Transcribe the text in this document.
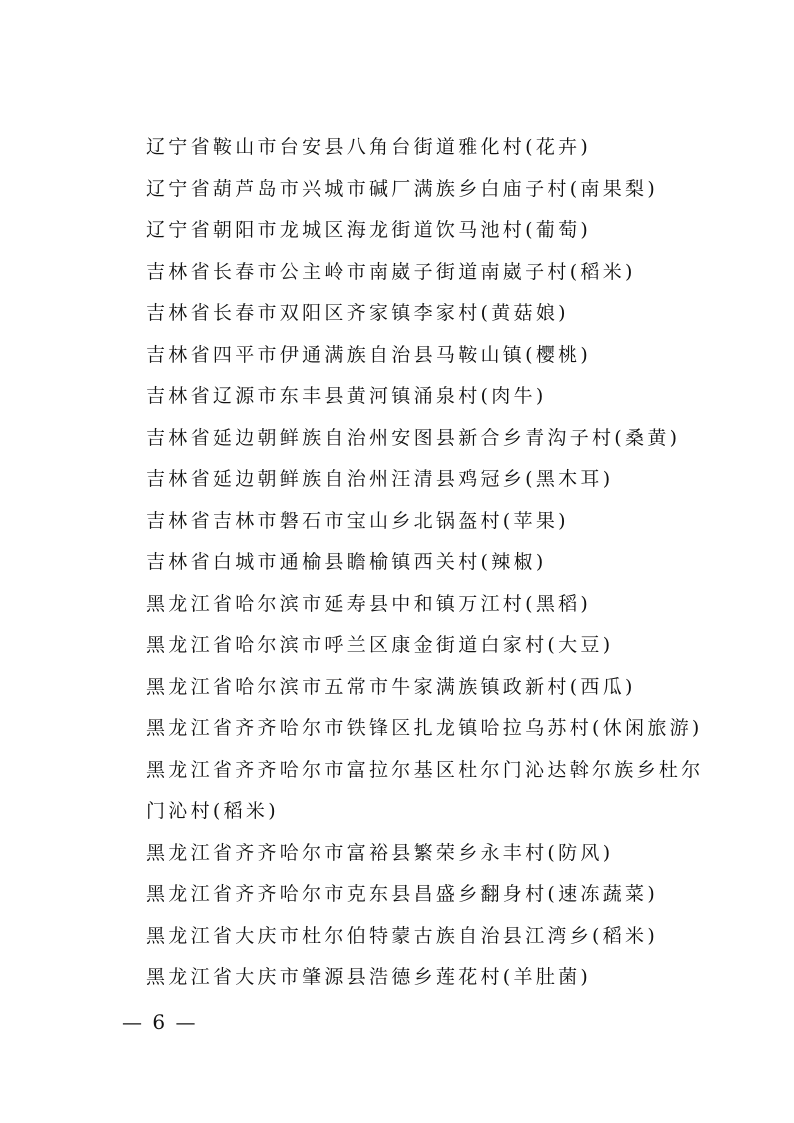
辽宁省鞍山市台安县八角台街道雅化村(花卉)
辽宁省葫芦岛市兴城市碱厂满族乡白庙子村(南果梨)
辽宁省朝阳市龙城区海龙街道饮马池村(葡萄)
吉林省长春市公主岭市南崴子街道南崴子村(稻米)
吉林省长春市双阳区齐家镇李家村(黄菇娘)
吉林省四平市伊通满族自治县马鞍山镇(樱桃)
吉林省辽源市东丰县黄河镇涌泉村(肉牛)
吉林省延边朝鲜族自治州安图县新合乡青沟子村(桑黄)
吉林省延边朝鲜族自治州汪清县鸡冠乡(黑木耳)
吉林省吉林市磐石市宝山乡北锅盔村(苹果)
吉林省白城市通榆县瞻榆镇西关村(辣椒)
黑龙江省哈尔滨市延寿县中和镇万江村(黑稻)
黑龙江省哈尔滨市呼兰区康金街道白家村(大豆)
黑龙江省哈尔滨市五常市牛家满族镇政新村(西瓜)
黑龙江省齐齐哈尔市铁锋区扎龙镇哈拉乌苏村(休闲旅游)
黑龙江省齐齐哈尔市富拉尔基区杜尔门沁达斡尔族乡杜尔门沁村(稻米)
黑龙江省齐齐哈尔市富裕县繁荣乡永丰村(防风)
黑龙江省齐齐哈尔市克东县昌盛乡翻身村(速冻蔬菜)
黑龙江省大庆市杜尔伯特蒙古族自治县江湾乡(稻米)
黑龙江省大庆市肇源县浩德乡莲花村(羊肚菌)
— 6 —
